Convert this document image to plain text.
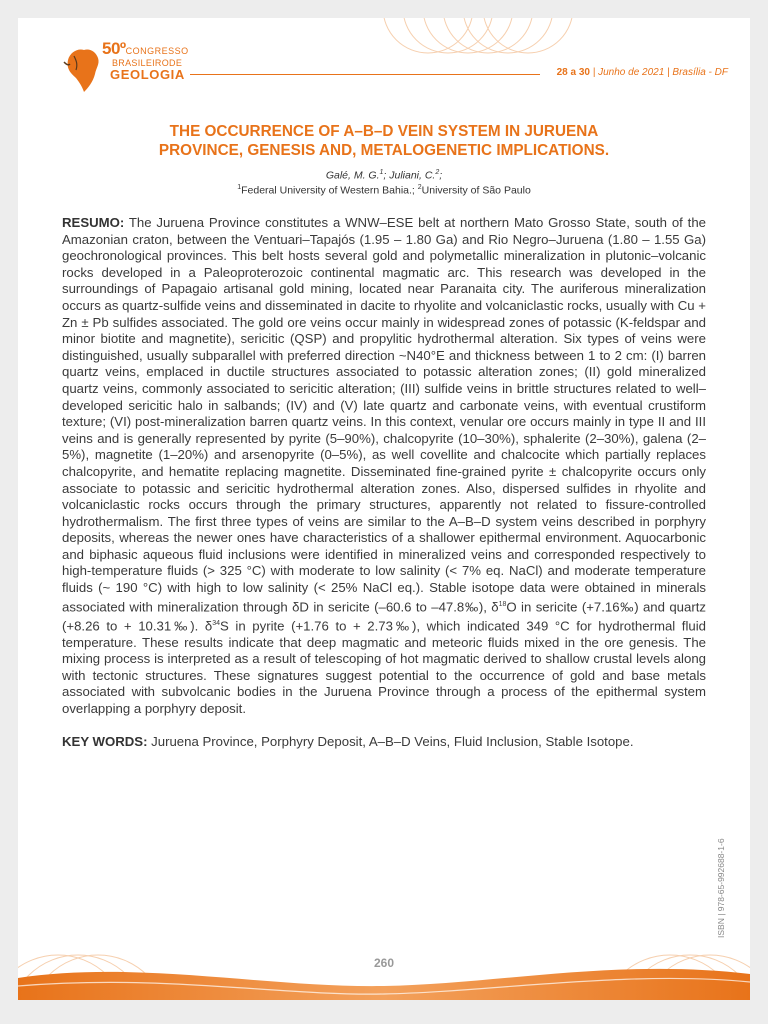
50ºCONGRESSO
BRASILEIRODE
GEOLOGIA	28 a 30 | Junho de 2021 | Brasília - DF
THE OCCURRENCE OF A–B–D VEIN SYSTEM IN JURUENA
PROVINCE, GENESIS AND, METALOGENETIC IMPLICATIONS.
Galé, M. G.$^1$; Juliani, C.$^2$;
$^1$Federal University of Western Bahia.; $^2$University of São Paulo

RESUMO: The Juruena Province constitutes a WNW–ESE belt at northern Mato Grosso State, south of the Amazonian craton, between the Ventuari–Tapajós (1.95 – 1.80 Ga) and Rio Negro–Juruena (1.80 – 1.55 Ga) geochronological provinces. This belt hosts several gold and polymetallic mineralization in plutonic–volcanic rocks developed in a Paleoproterozoic continental magmatic arc. This research was developed in the surroundings of Papagaio artisanal gold mining, located near Paranaita city. The auriferous mineralization occurs as quartz-sulfide veins and disseminated in dacite to rhyolite and volcaniclastic rocks, usually with Cu + Zn ± Pb sulfides associated. The gold ore veins occur mainly in widespread zones of potassic (K-feldspar and minor biotite and magnetite), sericitic (QSP) and propylitic hydrothermal alteration. Six types of veins were distinguished, usually subparallel with preferred direction ~N40°E and thickness between 1 to 2 cm: (I) barren quartz veins, emplaced in ductile structures associated to potassic alteration zones; (II) gold mineralized quartz veins, commonly associated to sericitic alteration; (III) sulfide veins in brittle structures related to well–developed sericitic halo in salbands; (IV) and (V) late quartz and carbonate veins, with eventual crustiform texture; (VI) post-mineralization barren quartz veins. In this context, venular ore occurs mainly in type II and III veins and is generally represented by pyrite (5–90%), chalcopyrite (10–30%), sphalerite (2–30%), galena (2–5%), magnetite (1–20%) and arsenopyrite (0–5%), as well covellite and chalcocite which partially replaces chalcopyrite, and hematite replacing magnetite. Disseminated fine-grained pyrite ± chalcopyrite occurs only associate to potassic and sericitic hydrothermal alteration zones. Also, dispersed sulfides in rhyolite and volcaniclastic rocks occurs through the primary structures, apparently not related to fissure-controlled hydrothermalism. The first three types of veins are similar to the A–B–D system veins described in porphyry deposits, whereas the newer ones have characteristics of a shallower epithermal environment. Aquocarbonic and biphasic aqueous fluid inclusions were identified in mineralized veins and corresponded respectively to high-temperature fluids (> 325 °C) with moderate to low salinity (< 7% eq. NaCl) and moderate temperature fluids (~ 190 °C) with high to low salinity (< 25% NaCl eq.). Stable isotope data were obtained in minerals associated with mineralization through δD in sericite (–60.6 to –47.8‰), $\delta^{18}O$ in sericite (+7.16‰) and quartz (+8.26 to + 10.31‰). $\delta^{34}S$ in pyrite (+1.76 to + 2.73‰), which indicated 349 °C for hydrothermal fluid temperature. These results indicate that deep magmatic and meteoric fluids mixed in the ore genesis. The mixing process is interpreted as a result of telescoping of hot magmatic derived to shallow crustal levels along with tectonic structures. These signatures suggest potential to the occurrence of gold and base metals associated with subvolcanic bodies in the Juruena Province through a process of the epithermal system overlapping a porphyry deposit.

KEY WORDS: Juruena Province, Porphyry Deposit, A–B–D Veins, Fluid Inclusion, Stable Isotope.

ISBN | 978-65-992688-1-6
260
